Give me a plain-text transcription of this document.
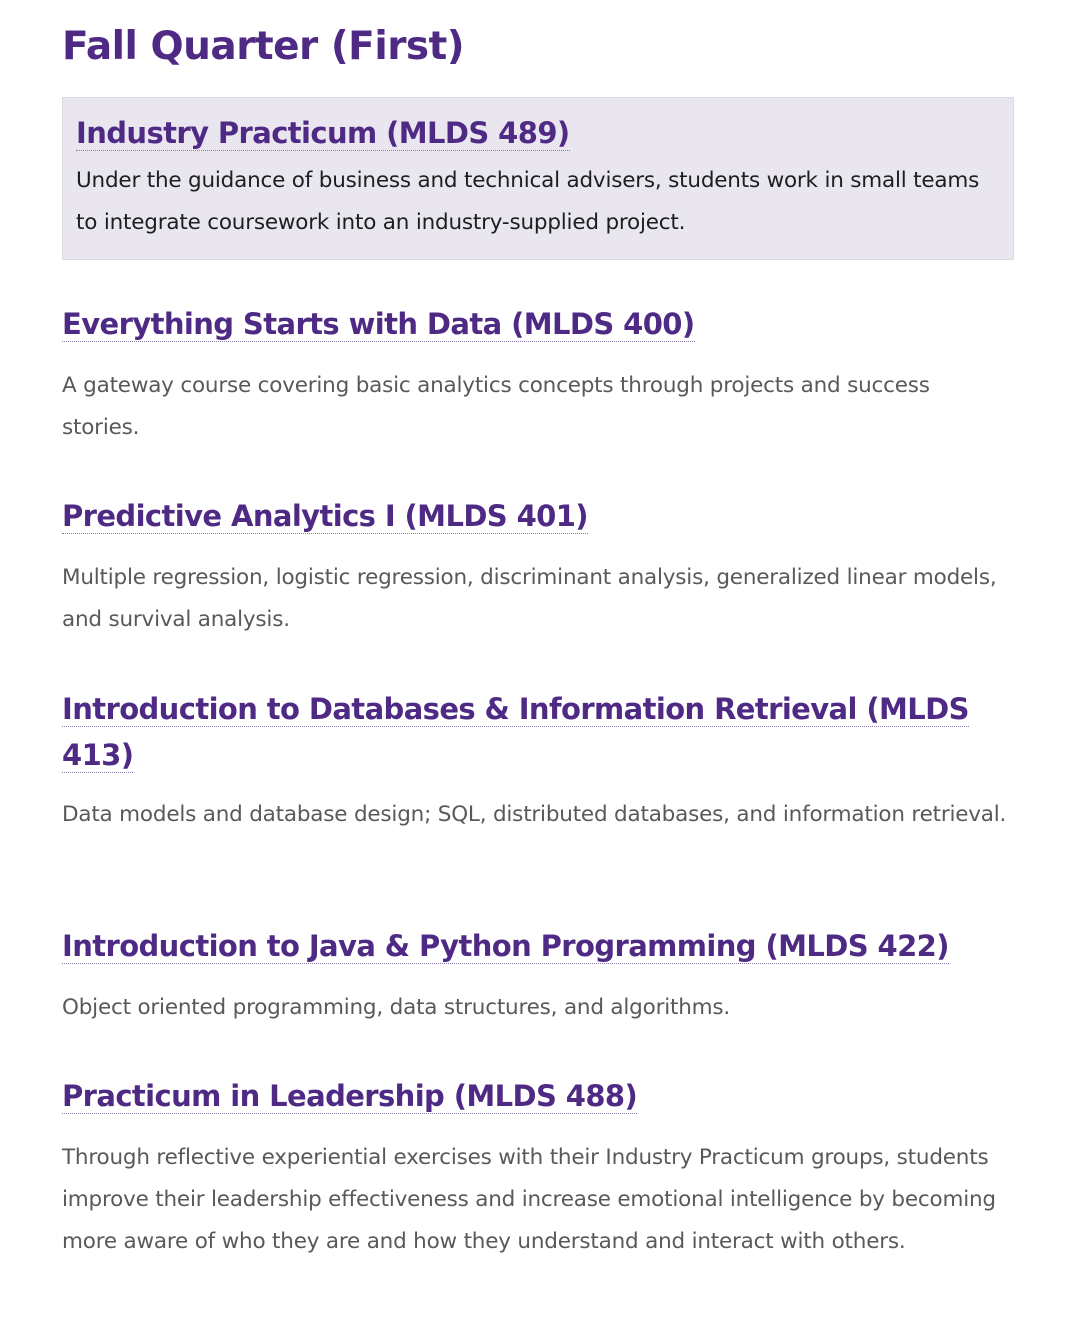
Fall Quarter (First)
Industry Practicum (MLDS 489)

Under the guidance of business and technical advisers, students work in small teams to integrate coursework into an industry-supplied project.

Everything Starts with Data (MLDS 400)

A gateway course covering basic analytics concepts through projects and success stories.

Predictive Analytics I (MLDS 401)

Multiple regression, logistic regression, discriminant analysis, generalized linear models, and survival analysis.

Introduction to Databases & Information Retrieval (MLDS 413)

Data models and database design; SQL, distributed databases, and information retrieval.

Introduction to Java & Python Programming (MLDS 422)

Object oriented programming, data structures, and algorithms.

Practicum in Leadership (MLDS 488)

Through reflective experiential exercises with their Industry Practicum groups, students improve their leadership effectiveness and increase emotional intelligence by becoming more aware of who they are and how they understand and interact with others.
